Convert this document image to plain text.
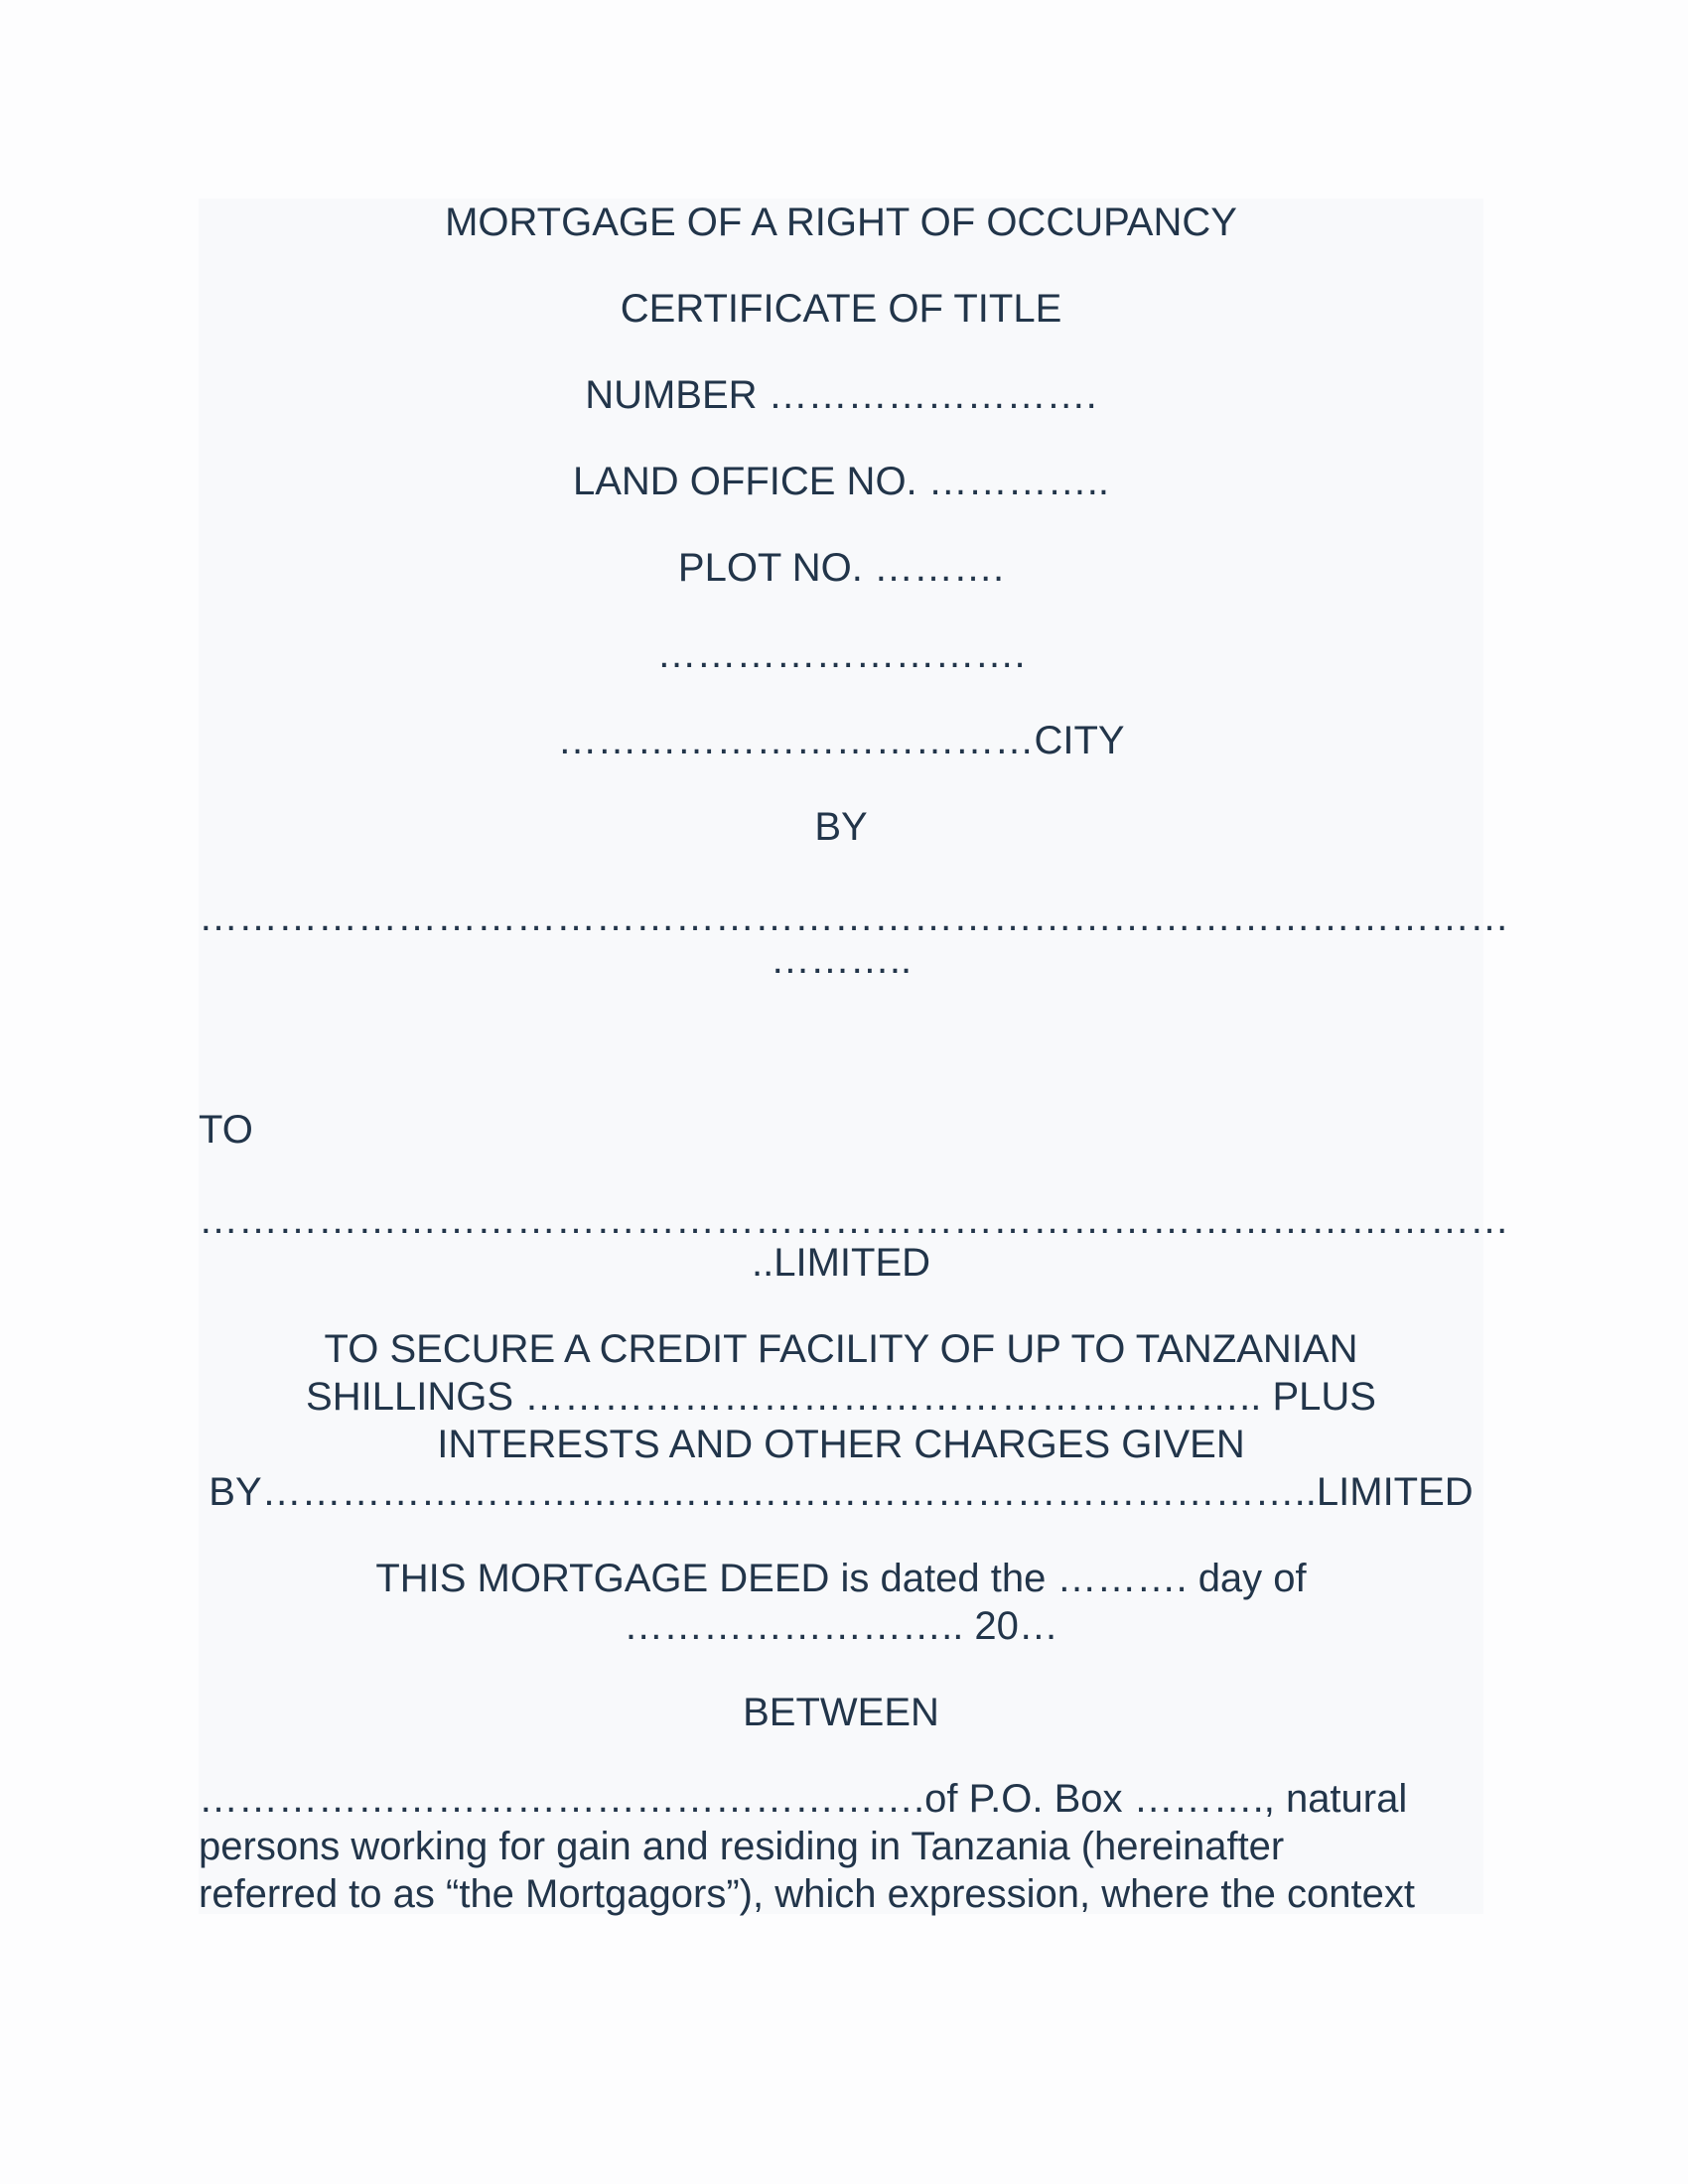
MORTGAGE OF A RIGHT OF OCCUPANCY

CERTIFICATE OF TITLE

NUMBER …………………….

LAND OFFICE NO. …………..

PLOT NO. ……….

……………………….

………………………………CITY

BY

………………………………………………………………………………………

………..

TO

………………………………………………………………………………………

..LIMITED

TO SECURE A CREDIT FACILITY OF UP TO TANZANIAN

SHILLINGS ……………………………………………….. PLUS

INTERESTS AND OTHER CHARGES GIVEN

BY……………………………………………………………………..LIMITED

THIS MORTGAGE DEED is dated the ………. day of

…………………….. 20…

BETWEEN

……………………………………………….of P.O. Box ………., natural

persons working for gain and residing in Tanzania (hereinafter

referred to as “the Mortgagors”), which expression, where the context
